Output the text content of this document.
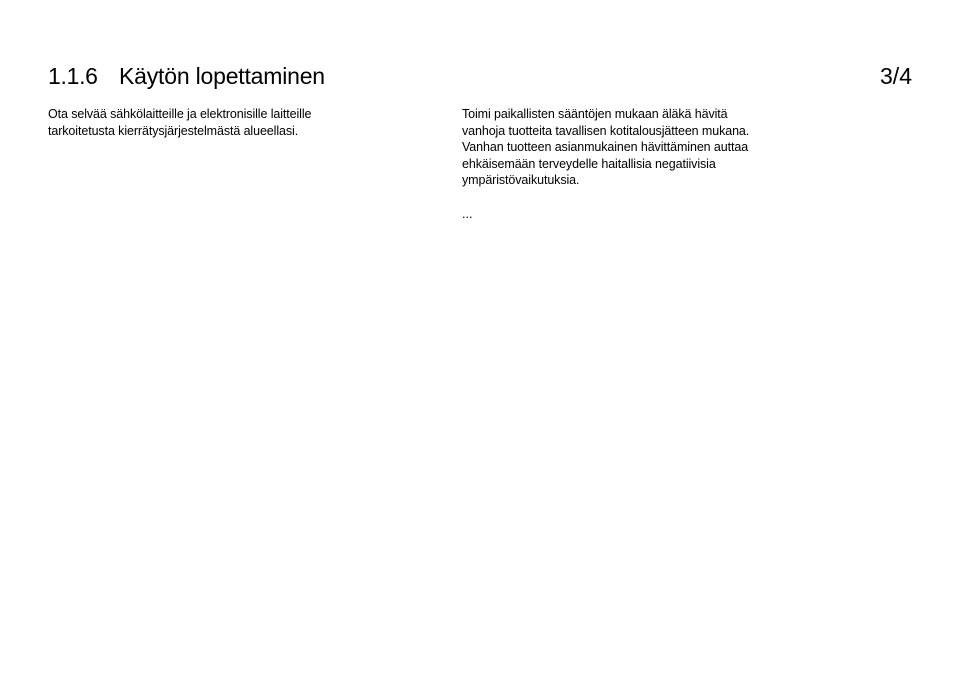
1.1.6 Käytön lopettaminen	3/4
Ota selvää sähkölaitteille ja elektronisille laitteille
tarkoitetusta kierrätysjärjestelmästä alueellasi.
Toimi paikallisten sääntöjen mukaan äläkä hävitä
vanhoja tuotteita tavallisen kotitalousjätteen mukana.
Vanhan tuotteen asianmukainen hävittäminen auttaa
ehkäisemään terveydelle haitallisia negatiivisia
ympäristövaikutuksia.
...
